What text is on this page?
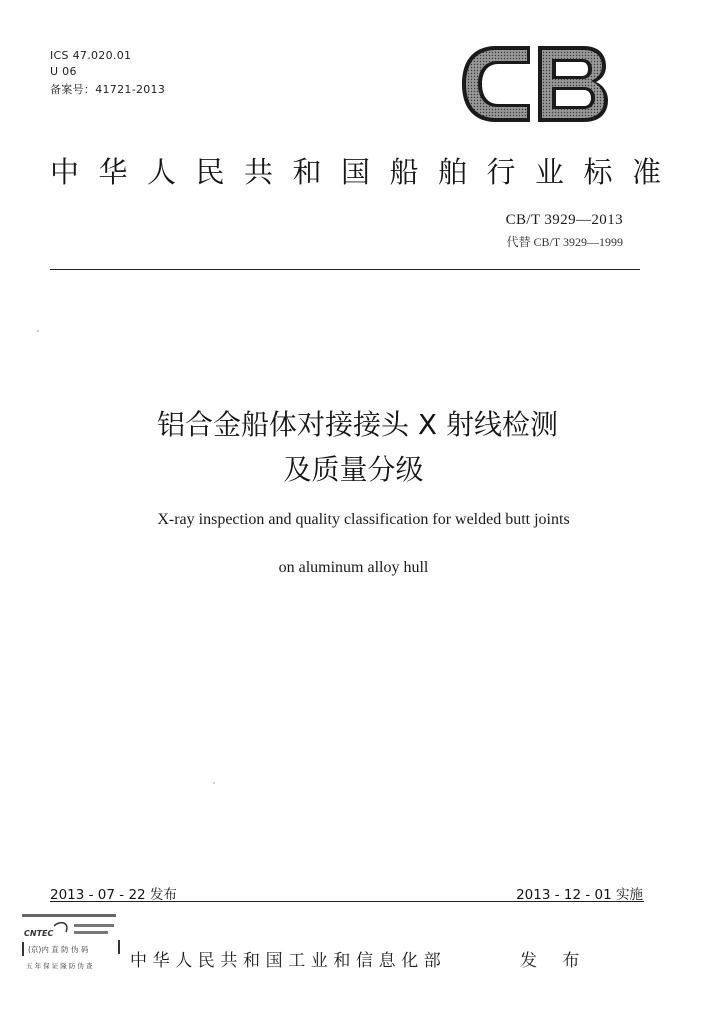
ICS 47.020.01
U 06
备案号：41721-2013
中华人民共和国船舶行业标准
CB/T 3929—2013
代替 CB/T 3929—1999
铝合金船体对接接头 X 射线检测
及质量分级
X-ray inspection and quality classification for welded butt joints
on aluminum alloy hull
2013 - 07 - 22 发布	2013 - 12 - 01 实施
CNTEC
(京)内 直 防 伪 码
五 年 保 证 隆 防 伪 查 中华人民共和国工业和信息化部	发 布
